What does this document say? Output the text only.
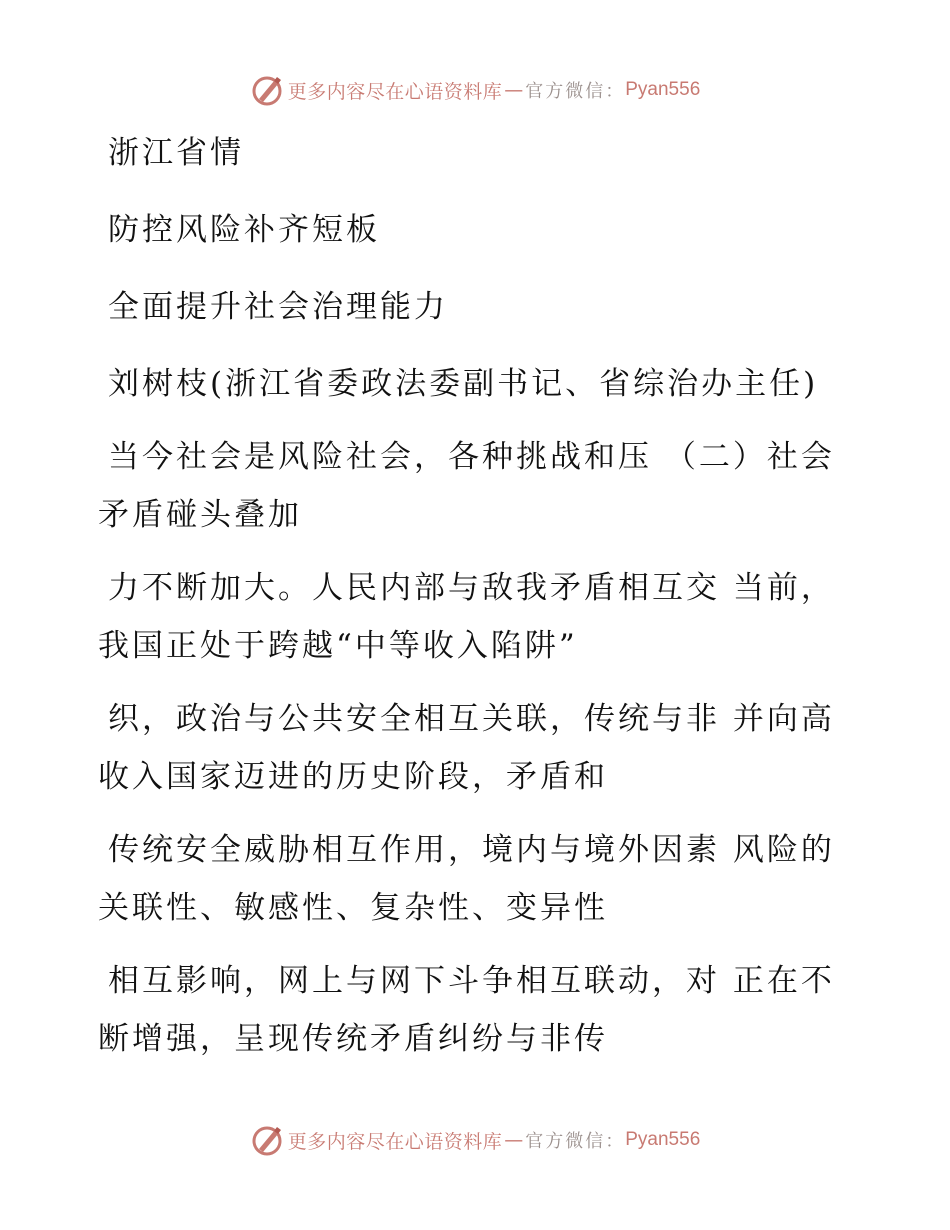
更多内容尽在心语资料库 — 官方微信： Pyan556
浙江省情
防控风险补齐短板
全面提升社会治理能力
刘树枝(浙江省委政法委副书记、省综治办主任)
当今社会是风险社会，各种挑战和压 （二）社会
矛盾碰头叠加
力不断加大。人民内部与敌我矛盾相互交 当前，
我国正处于跨越“中等收入陷阱”
织，政治与公共安全相互关联，传统与非 并向高
收入国家迈进的历史阶段，矛盾和
传统安全威胁相互作用，境内与境外因素 风险的
关联性、敏感性、复杂性、变异性
相互影响，网上与网下斗争相互联动，对 正在不
断增强，呈现传统矛盾纠纷与非传
更多内容尽在心语资料库 — 官方微信： Pyan556
